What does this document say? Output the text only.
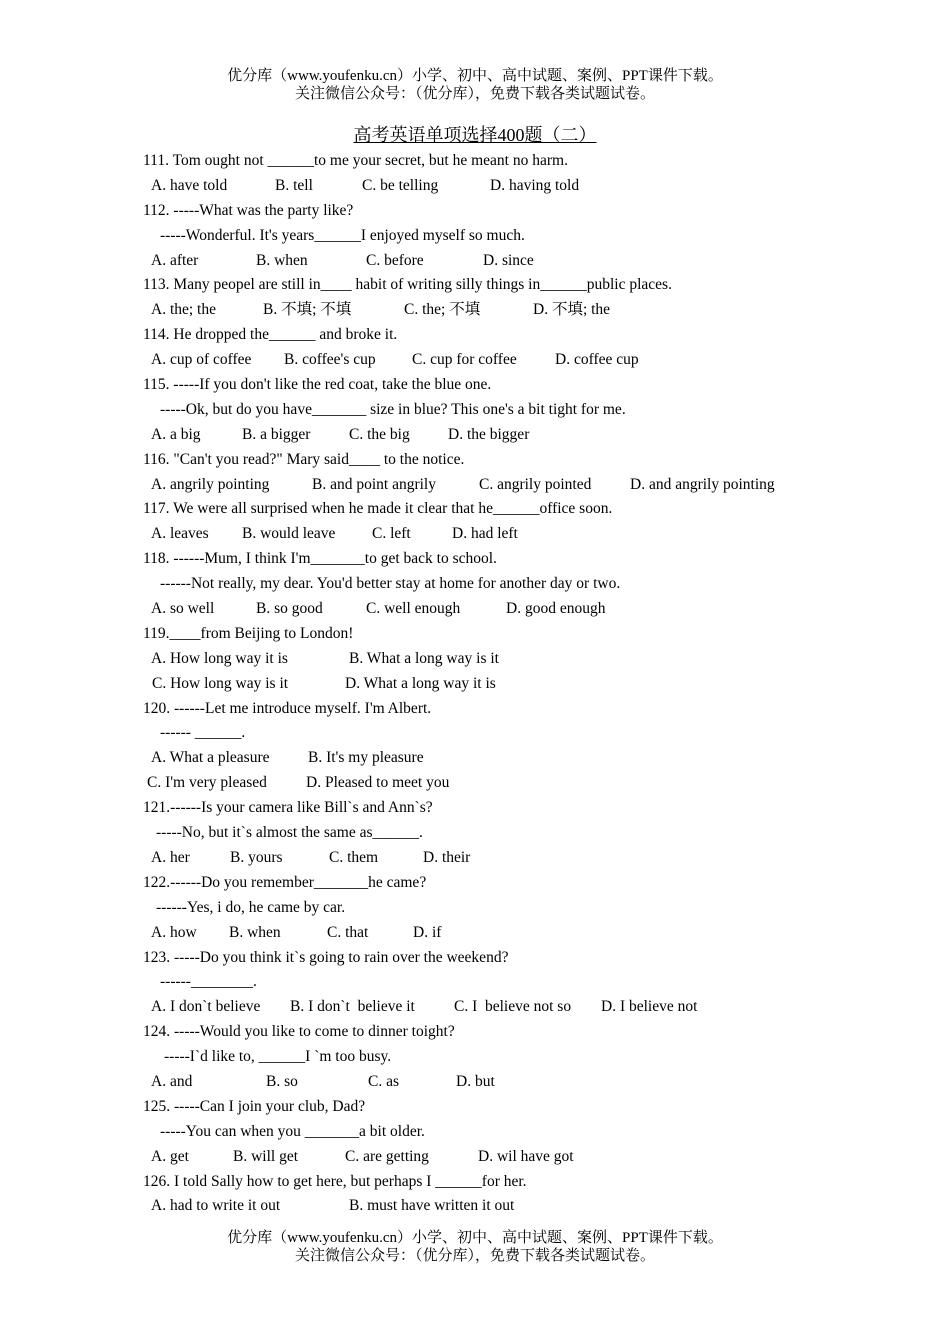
优分库（www.youfenku.cn）小学、初中、高中试题、案例、PPT课件下载。
关注微信公众号：（优分库），免费下载各类试题试卷。
高考英语单项选择400题（二）
111. Tom ought not ______to me your secret, but he meant no harm.
A. have told	B. tell	C. be telling	D. having told
112. -----What was the party like?
-----Wonderful. It's years______I enjoyed myself so much.
A. after	B. when	C. before	D. since
113. Many peopel are still in____ habit of writing silly things in______public places.
A. the; the	B. 不填; 不填	C. the; 不填	D. 不填; the
114. He dropped the______ and broke it.
A. cup of coffee B. coffee's cup C. cup for coffee D. coffee cup
115. -----If you don't like the red coat, take the blue one.
-----Ok, but do you have_______ size in blue? This one's a bit tight for me.
A. a big	B. a bigger C. the big D. the bigger
116. "Can't you read?" Mary said____ to the notice.
A. angrily pointing	B. and point angrily	C. angrily pointed D. and angrily pointing
117. We were all surprised when he made it clear that he______office soon.
A. leaves B. would leave C. left	D. had left
118. ------Mum, I think I'm_______to get back to school.
------Not really, my dear. You'd better stay at home for another day or two.
A. so well	B. so good	C. well enough	D. good enough
119.____from Beijing to London!
A. How long way it is	B. What a long way is it
C. How long way is it	D. What a long way it is
120. ------Let me introduce myself. I'm Albert.
------ ______.
A. What a pleasure B. It's my pleasure
C. I'm very pleased	D. Pleased to meet you
121.------Is your camera like Bill`s and Ann`s?
-----No, but it`s almost the same as______.
A. her	B. yours	C. them	D. their
122.------Do you remember_______he came?
------Yes, i do, he came by car.
A. how B. when	C. that	D. if
123. -----Do you think it`s going to rain over the weekend?
------________.
A. I don`t believe B. I don`t  believe it	C. I  believe not so D. I believe not
124. -----Would you like to come to dinner toight?
-----I`d like to, ______I `m too busy.
A. and	B. so	C. as	D. but
125. -----Can I join your club, Dad?
-----You can when you _______a bit older.
A. get	B. will get	C. are getting	D. wil have got
126. I told Sally how to get here, but perhaps I ______for her.
A. had to write it out	B. must have written it out
优分库（www.youfenku.cn）小学、初中、高中试题、案例、PPT课件下载。
关注微信公众号：（优分库），免费下载各类试题试卷。
